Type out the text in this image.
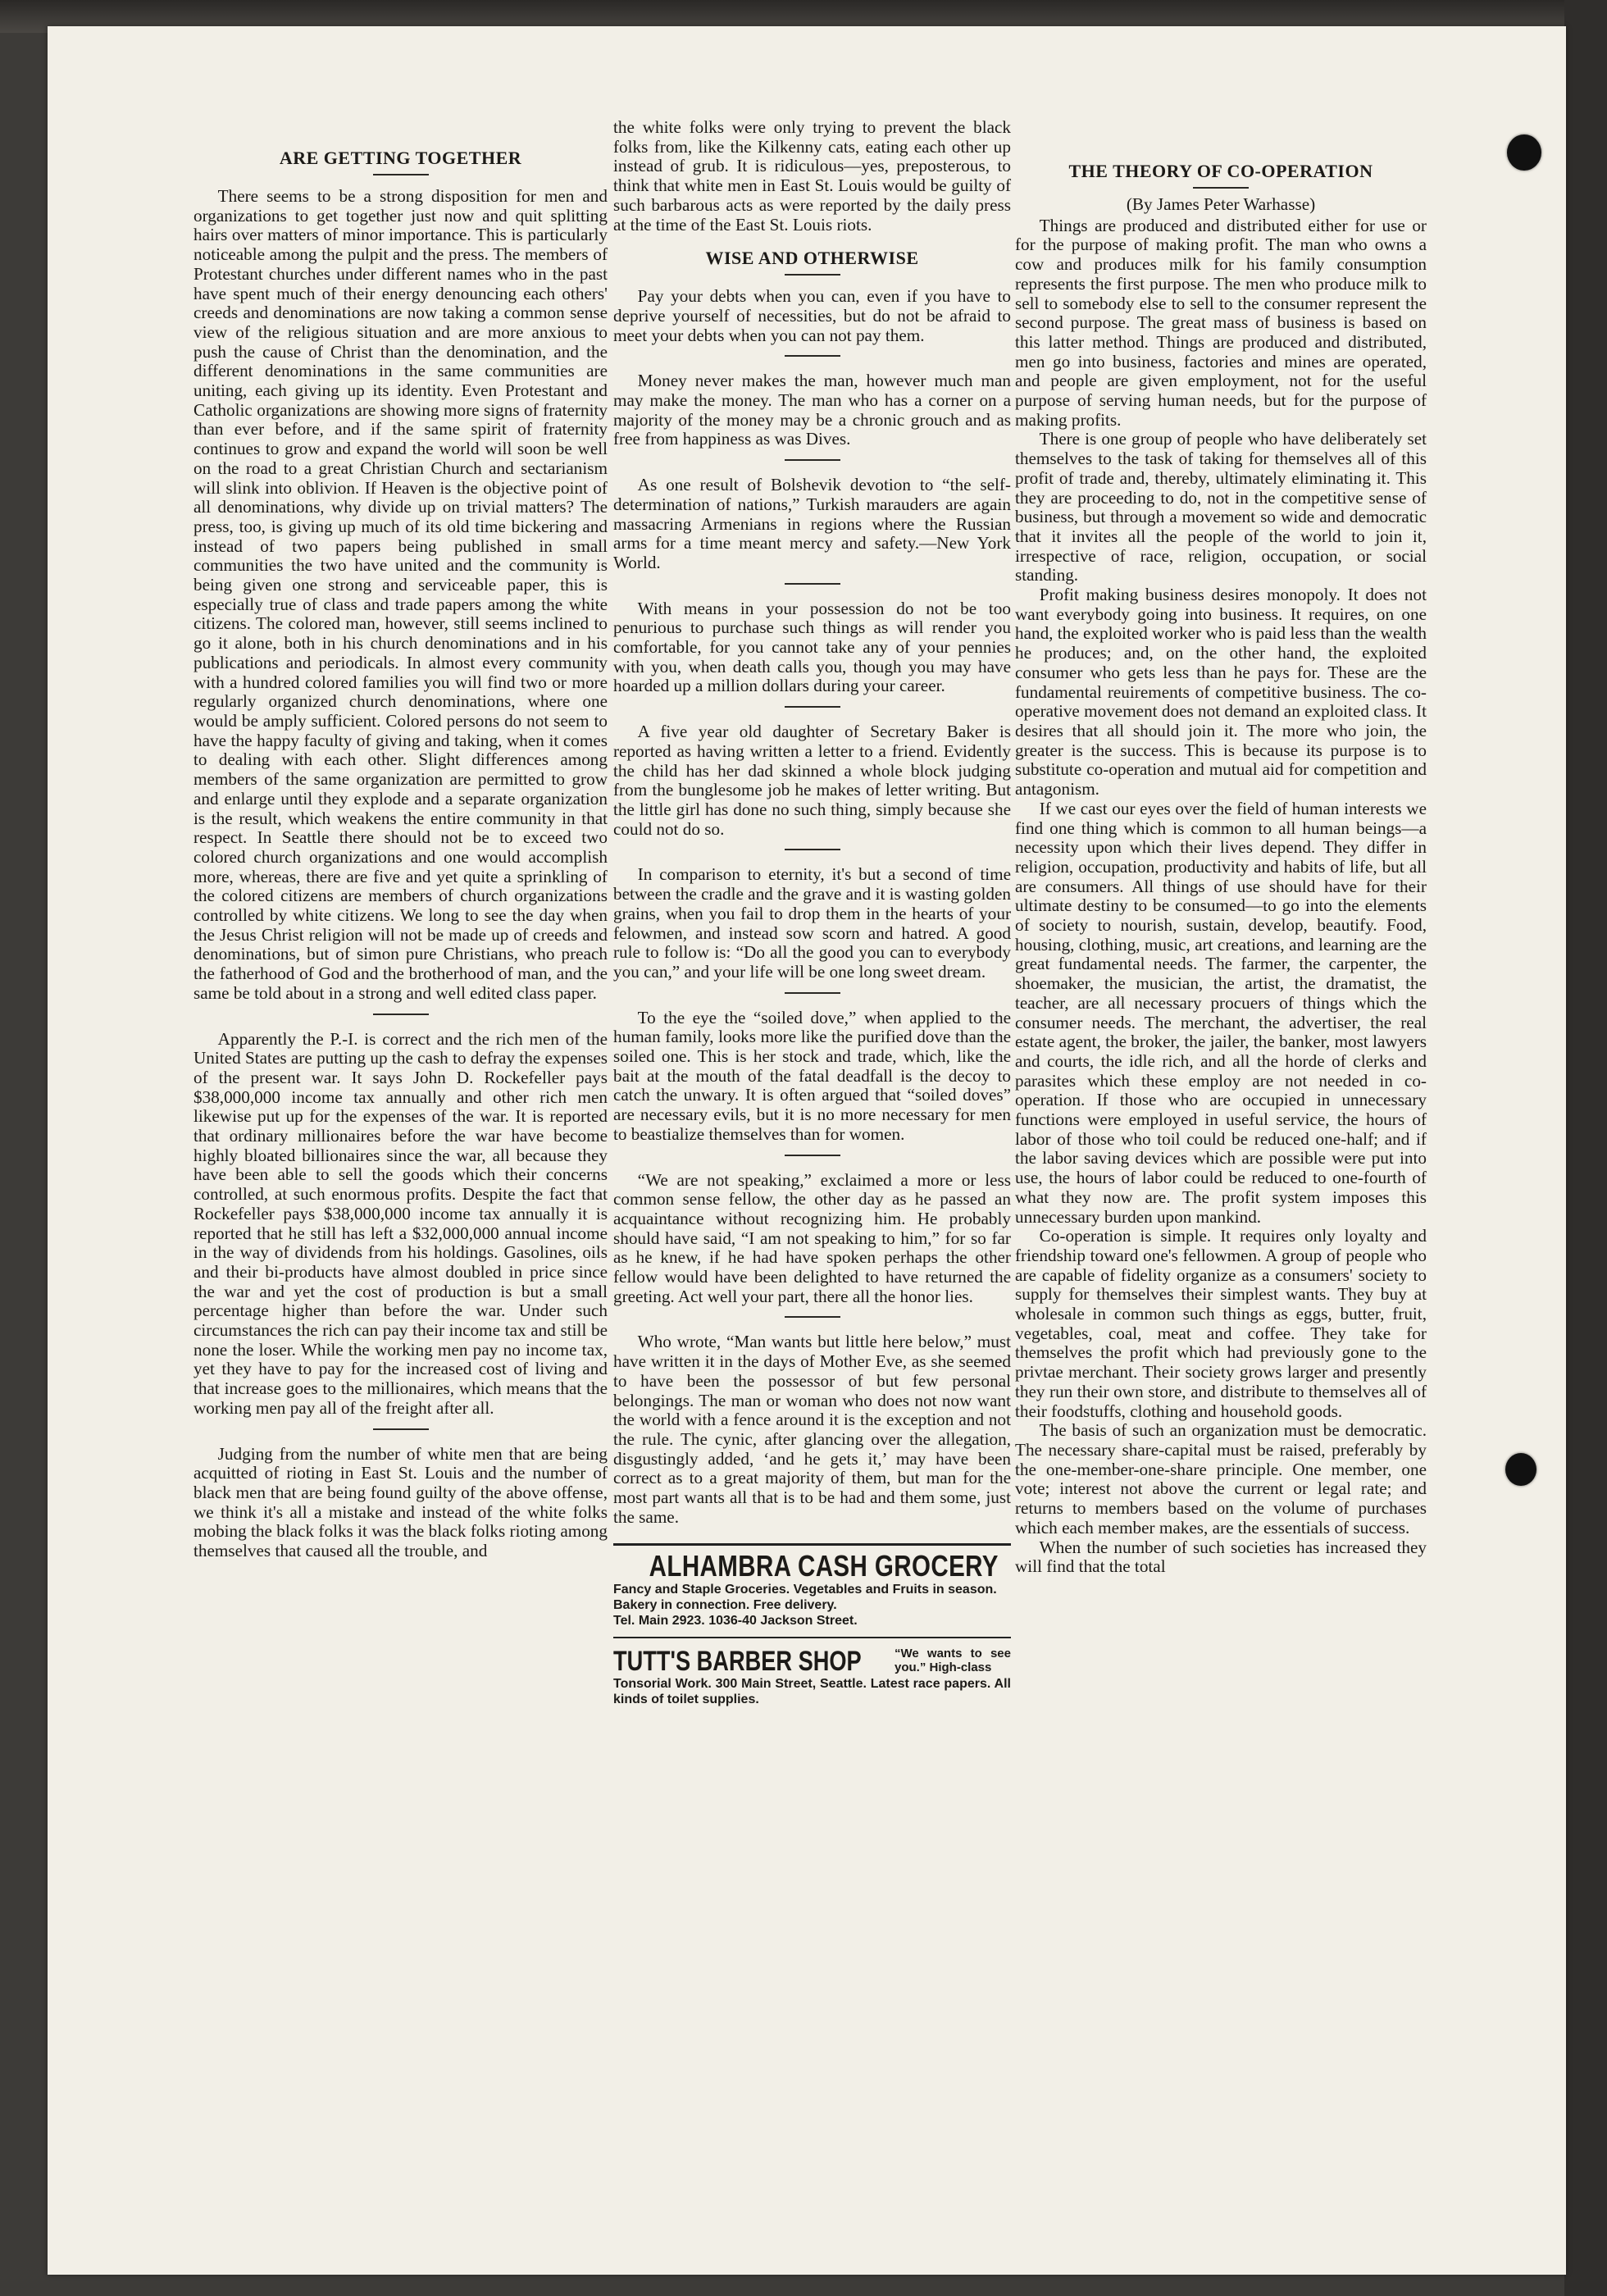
ARE GETTING TOGETHER

There seems to be a strong disposition for men and organizations to get together just now and quit splitting hairs over matters of minor importance. This is particularly noticeable among the pulpit and the press. The members of Protestant churches under different names who in the past have spent much of their energy denouncing each others' creeds and denominations are now taking a common sense view of the religious situation and are more anxious to push the cause of Christ than the denomination, and the different denominations in the same communities are uniting, each giving up its identity. Even Protestant and Catholic organizations are showing more signs of fraternity than ever before, and if the same spirit of fraternity continues to grow and expand the world will soon be well on the road to a great Christian Church and sectarianism will slink into oblivion. If Heaven is the objective point of all denominations, why divide up on trivial matters? The press, too, is giving up much of its old time bickering and instead of two papers being published in small communities the two have united and the community is being given one strong and serviceable paper, this is especially true of class and trade papers among the white citizens. The colored man, however, still seems inclined to go it alone, both in his church denominations and in his publications and periodicals. In almost every community with a hundred colored families you will find two or more regularly organized church denominations, where one would be amply sufficient. Colored persons do not seem to have the happy faculty of giving and taking, when it comes to dealing with each other. Slight differences among members of the same organization are permitted to grow and enlarge until they explode and a separate organization is the result, which weakens the entire community in that respect. In Seattle there should not be to exceed two colored church organizations and one would accomplish more, whereas, there are five and yet quite a sprinkling of the colored citizens are members of church organizations controlled by white citizens. We long to see the day when the Jesus Christ religion will not be made up of creeds and denominations, but of simon pure Christians, who preach the fatherhood of God and the brotherhood of man, and the same be told about in a strong and well edited class paper.

Apparently the P.-I. is correct and the rich men of the United States are putting up the cash to defray the expenses of the present war. It says John D. Rockefeller pays $38,000,000 income tax annually and other rich men likewise put up for the expenses of the war. It is reported that ordinary millionaires before the war have become highly bloated billionaires since the war, all because they have been able to sell the goods which their concerns controlled, at such enormous profits. Despite the fact that Rockefeller pays $38,000,000 income tax annually it is reported that he still has left a $32,000,000 annual income in the way of dividends from his holdings. Gasolines, oils and their bi-products have almost doubled in price since the war and yet the cost of production is but a small percentage higher than before the war. Under such circumstances the rich can pay their income tax and still be none the loser. While the working men pay no income tax, yet they have to pay for the increased cost of living and that increase goes to the millionaires, which means that the working men pay all of the freight after all.

Judging from the number of white men that are being acquitted of rioting in East St. Louis and the number of black men that are being found guilty of the above offense, we think it's all a mistake and instead of the white folks mobing the black folks it was the black folks rioting among themselves that caused all the trouble, and

the white folks were only trying to prevent the black folks from, like the Kilkenny cats, eating each other up instead of grub. It is ridiculous—yes, preposterous, to think that white men in East St. Louis would be guilty of such barbarous acts as were reported by the daily press at the time of the East St. Louis riots.

WISE AND OTHERWISE

Pay your debts when you can, even if you have to deprive yourself of necessities, but do not be afraid to meet your debts when you can not pay them.

Money never makes the man, however much man may make the money. The man who has a corner on a majority of the money may be a chronic grouch and as free from happiness as was Dives.

As one result of Bolshevik devotion to “the self-determination of nations,” Turkish marauders are again massacring Armenians in regions where the Russian arms for a time meant mercy and safety.—New York World.

With means in your possession do not be too penurious to purchase such things as will render you comfortable, for you cannot take any of your pennies with you, when death calls you, though you may have hoarded up a million dollars during your career.

A five year old daughter of Secretary Baker is reported as having written a letter to a friend. Evidently the child has her dad skinned a whole block judging from the bunglesome job he makes of letter writing. But the little girl has done no such thing, simply because she could not do so.

In comparison to eternity, it's but a second of time between the cradle and the grave and it is wasting golden grains, when you fail to drop them in the hearts of your felowmen, and instead sow scorn and hatred. A good rule to follow is: “Do all the good you can to everybody you can,” and your life will be one long sweet dream.

To the eye the “soiled dove,” when applied to the human family, looks more like the purified dove than the soiled one. This is her stock and trade, which, like the bait at the mouth of the fatal deadfall is the decoy to catch the unwary. It is often argued that “soiled doves” are necessary evils, but it is no more necessary for men to beastialize themselves than for women.

“We are not speaking,” exclaimed a more or less common sense fellow, the other day as he passed an acquaintance without recognizing him. He probably should have said, “I am not speaking to him,” for so far as he knew, if he had have spoken perhaps the other fellow would have been delighted to have returned the greeting. Act well your part, there all the honor lies.

Who wrote, “Man wants but little here below,” must have written it in the days of Mother Eve, as she seemed to have been the possessor of but few personal belongings. The man or woman who does not now want the world with a fence around it is the exception and not the rule. The cynic, after glancing over the allegation, disgustingly added, ‘and he gets it,’ may have been correct as to a great majority of them, but man for the most part wants all that is to be had and them some, just the same.

ALHAMBRA CASH GROCERY
Fancy and Staple Groceries. Vegetables and Fruits in season. Bakery in connection. Free delivery.
Tel. Main 2923. 1036-40 Jackson Street.
TUTT'S BARBER SHOP	“We wants to see you.” High-class
Tonsorial Work. 300 Main Street, Seattle. Latest race papers. All kinds of toilet supplies.
THE THEORY OF CO-OPERATION

(By James Peter Warhasse)

Things are produced and distributed either for use or for the purpose of making profit. The man who owns a cow and produces milk for his family consumption represents the first purpose. The men who produce milk to sell to somebody else to sell to the consumer represent the second purpose. The great mass of business is based on this latter method. Things are produced and distributed, men go into business, factories and mines are operated, and people are given employment, not for the useful purpose of serving human needs, but for the purpose of making profits.

There is one group of people who have deliberately set themselves to the task of taking for themselves all of this profit of trade and, thereby, ultimately eliminating it. This they are proceeding to do, not in the competitive sense of business, but through a movement so wide and democratic that it invites all the people of the world to join it, irrespective of race, religion, occupation, or social standing.

Profit making business desires monopoly. It does not want everybody going into business. It requires, on one hand, the exploited worker who is paid less than the wealth he produces; and, on the other hand, the exploited consumer who gets less than he pays for. These are the fundamental reuirements of competitive business. The co-operative movement does not demand an exploited class. It desires that all should join it. The more who join, the greater is the success. This is because its purpose is to substitute co-operation and mutual aid for competition and antagonism.

If we cast our eyes over the field of human interests we find one thing which is common to all human beings—a necessity upon which their lives depend. They differ in religion, occupation, productivity and habits of life, but all are consumers. All things of use should have for their ultimate destiny to be consumed—to go into the elements of society to nourish, sustain, develop, beautify. Food, housing, clothing, music, art creations, and learning are the great fundamental needs. The farmer, the carpenter, the shoemaker, the musician, the artist, the dramatist, the teacher, are all necessary procuers of things which the consumer needs. The merchant, the advertiser, the real estate agent, the broker, the jailer, the banker, most lawyers and courts, the idle rich, and all the horde of clerks and parasites which these employ are not needed in co-operation. If those who are occupied in unnecessary functions were employed in useful service, the hours of labor of those who toil could be reduced one-half; and if the labor saving devices which are possible were put into use, the hours of labor could be reduced to one-fourth of what they now are. The profit system imposes this unnecessary burden upon mankind.

Co-operation is simple. It requires only loyalty and friendship toward one's fellowmen. A group of people who are capable of fidelity organize as a consumers' society to supply for themselves their simplest wants. They buy at wholesale in common such things as eggs, butter, fruit, vegetables, coal, meat and coffee. They take for themselves the profit which had previously gone to the privtae merchant. Their society grows larger and presently they run their own store, and distribute to themselves all of their foodstuffs, clothing and household goods.

The basis of such an organization must be democratic. The necessary share-capital must be raised, preferably by the one-member-one-share principle. One member, one vote; interest not above the current or legal rate; and returns to members based on the volume of purchases which each member makes, are the essentials of success.

When the number of such societies has increased they will find that the total
